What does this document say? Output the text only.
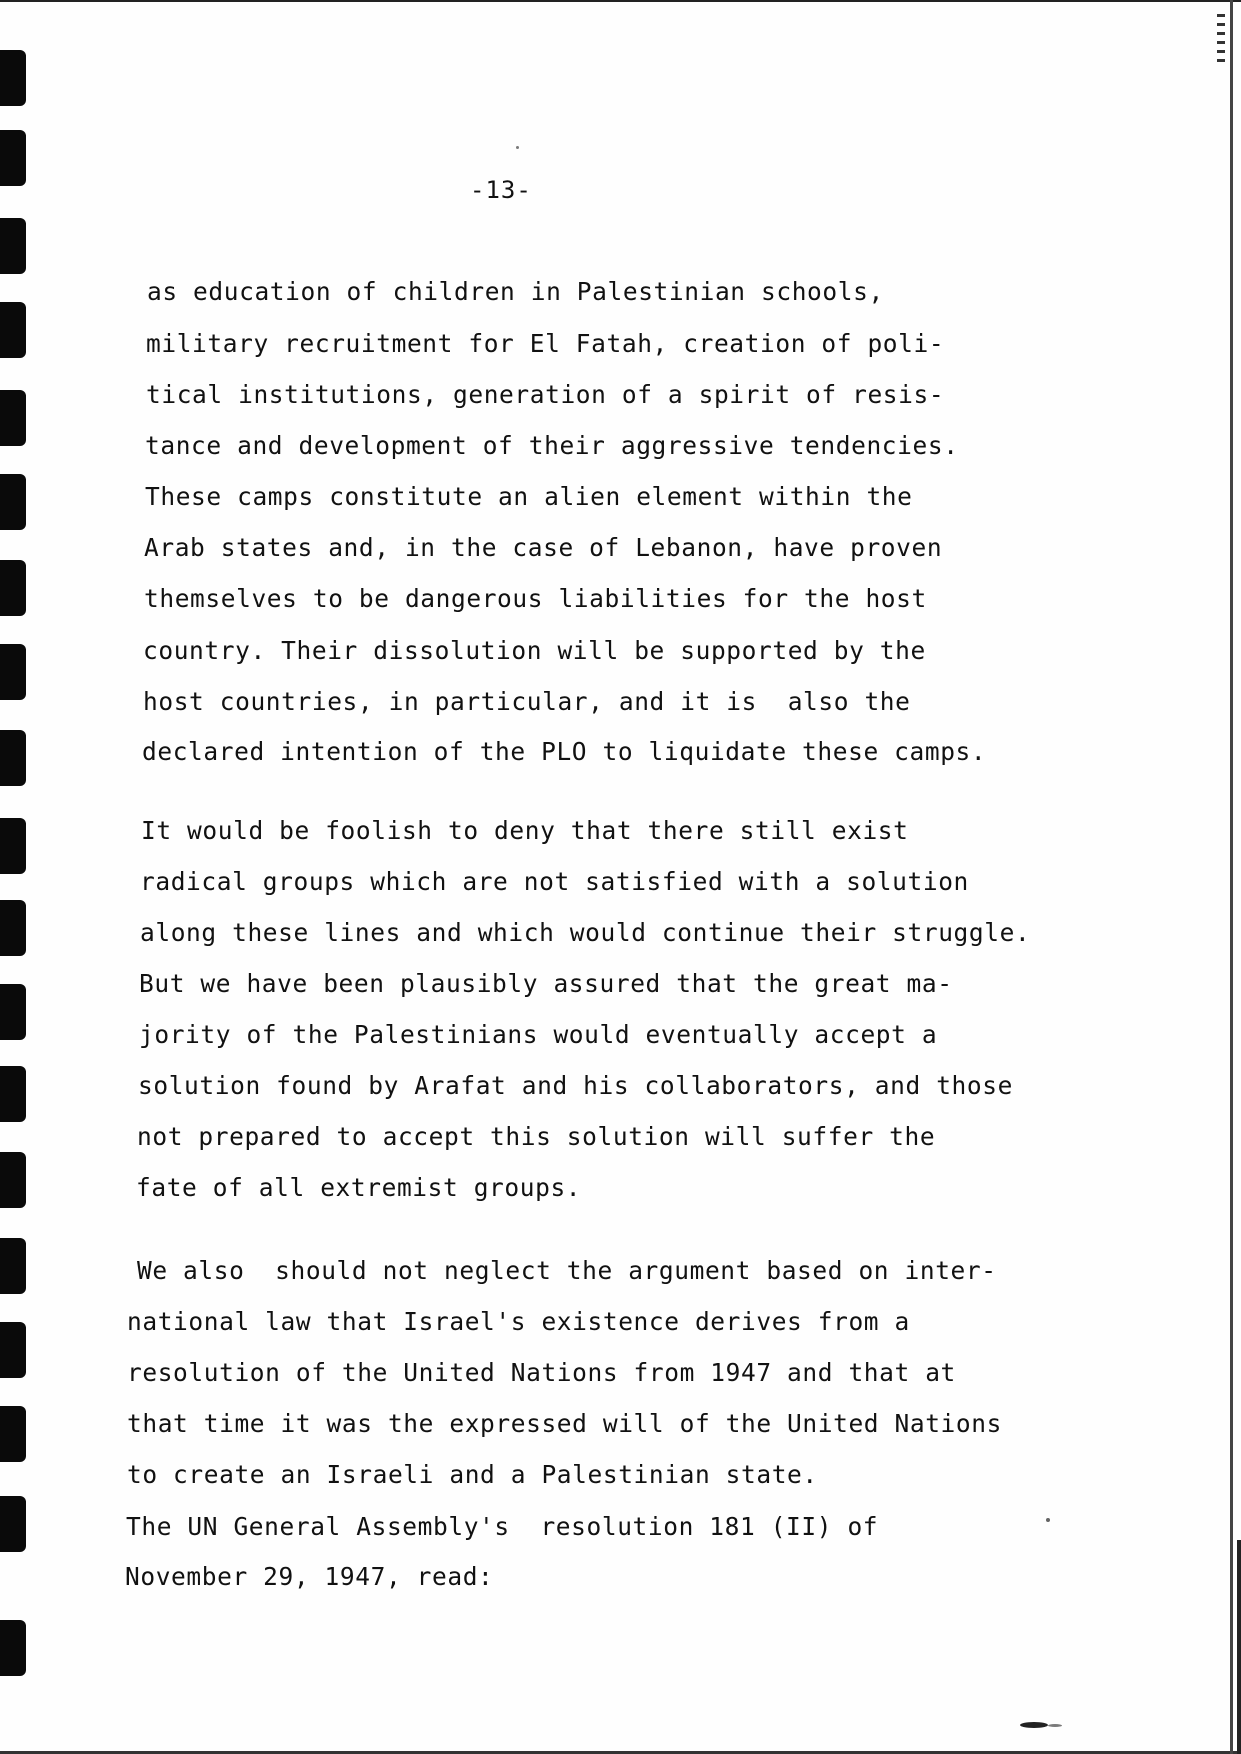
-13-
as education of children in Palestinian schools,
military recruitment for El Fatah, creation of poli-
tical institutions, generation of a spirit of resis-
tance and development of their aggressive tendencies.
These camps constitute an alien element within the
Arab states and, in the case of Lebanon, have proven
themselves to be dangerous liabilities for the host
country. Their dissolution will be supported by the
host countries, in particular, and it is  also the
declared intention of the PLO to liquidate these camps.
It would be foolish to deny that there still exist
radical groups which are not satisfied with a solution
along these lines and which would continue their struggle.
But we have been plausibly assured that the great ma-
jority of the Palestinians would eventually accept a
solution found by Arafat and his collaborators, and those
not prepared to accept this solution will suffer the
fate of all extremist groups.
We also  should not neglect the argument based on inter-
national law that Israel's existence derives from a
resolution of the United Nations from 1947 and that at
that time it was the expressed will of the United Nations
to create an Israeli and a Palestinian state.
The UN General Assembly's  resolution 181 (II) of
November 29, 1947, read:
